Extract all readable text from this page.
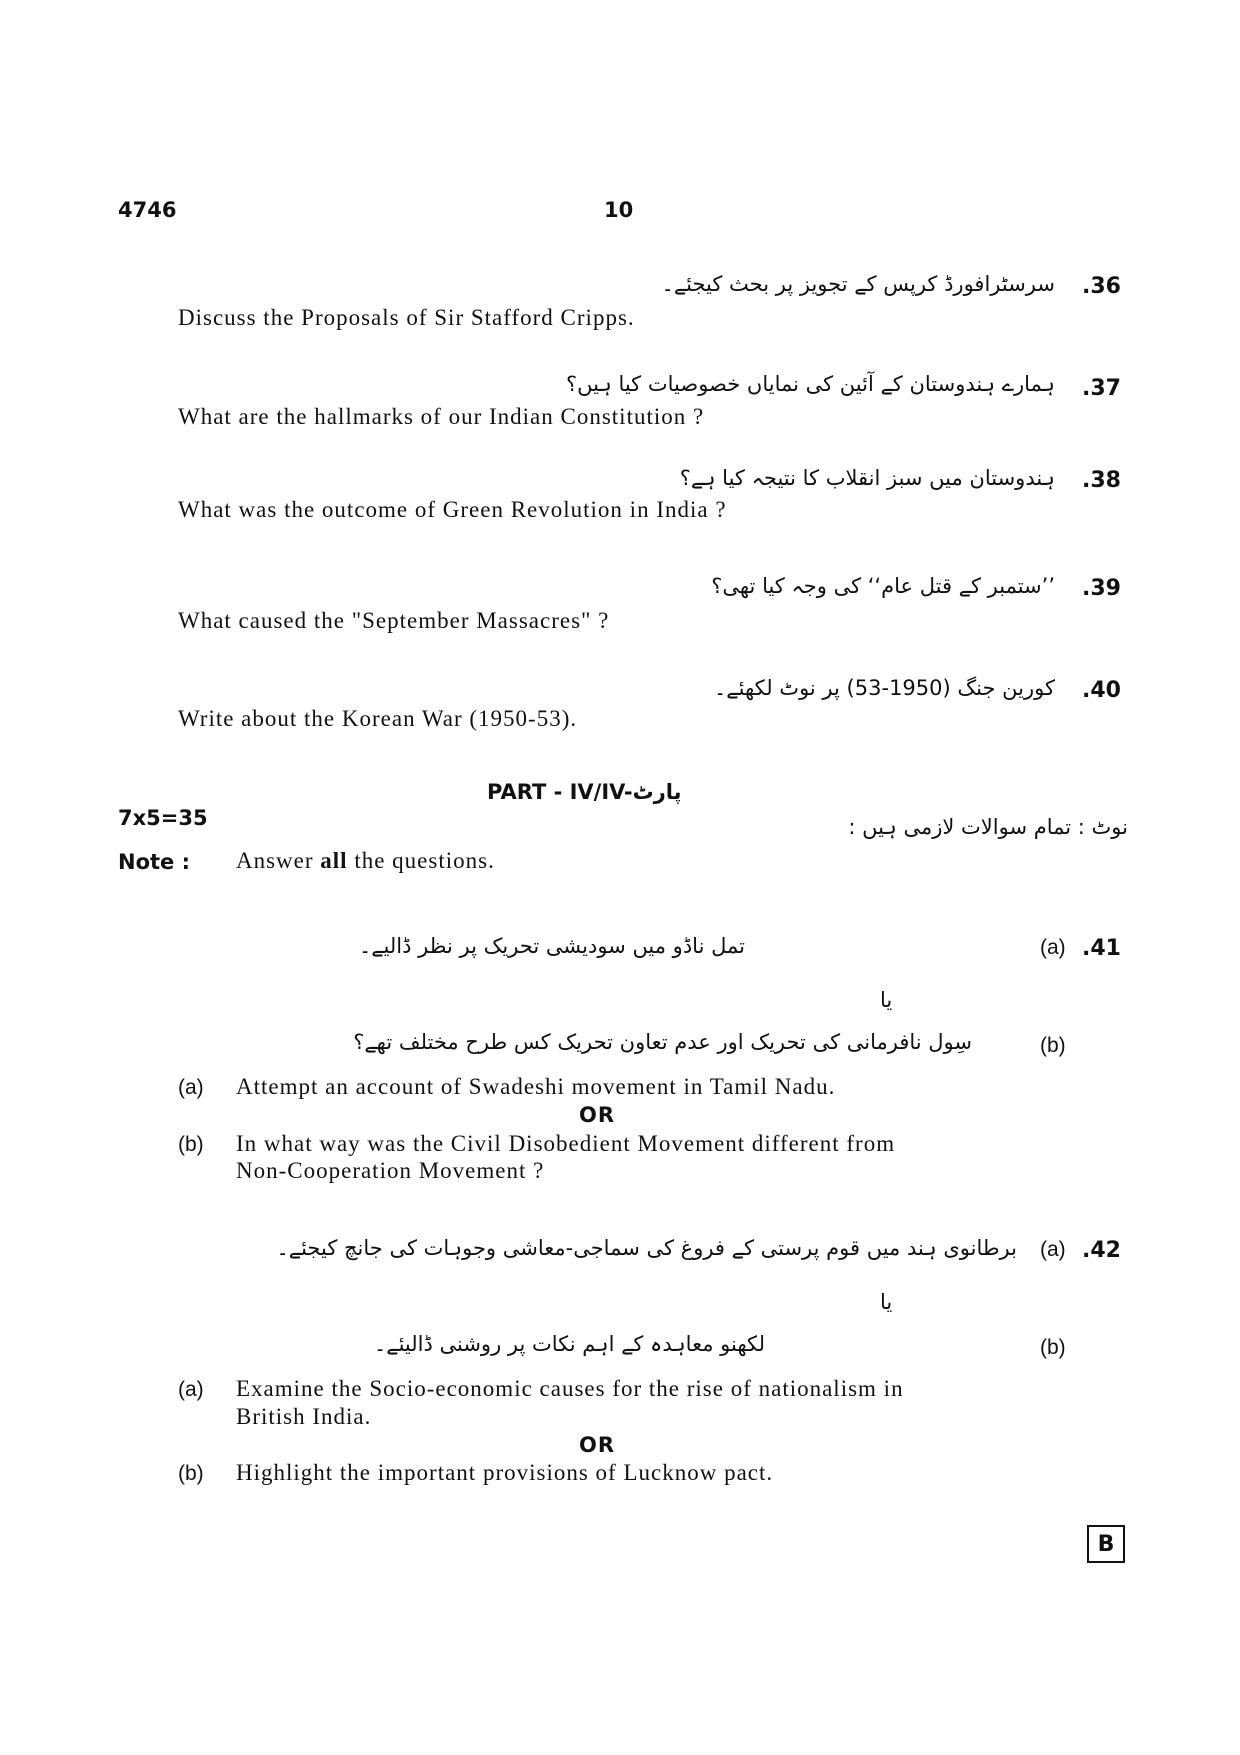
4746	10
سرسٹرافورڈ کرپس کے تجویز پر بحث کیجئے۔ .36
Discuss the Proposals of Sir Stafford Cripps.
ہمارے ہندوستان کے آئین کی نمایاں خصوصیات کیا ہیں؟ .37
What are the hallmarks of our Indian Constitution ?
ہندوستان میں سبز انقلاب کا نتیجہ کیا ہے؟ .38
What was the outcome of Green Revolution in India ?
’’ستمبر کے قتل عام‘‘ کی وجہ کیا تھی؟ .39
What caused the "September Massacres" ?
کورین جنگ (1950-53) پر نوٹ لکھئے۔ .40
Write about the Korean War (1950-53).
PART - IV/IV-پارٹ
7x5=35	نوٹ : تمام سوالات لازمی ہیں :
Note : Answer all the questions.
تمل ناڈو میں سودیشی تحریک پر نظر ڈالیے۔	(a) .41
یا
سِول نافرمانی کی تحریک اور عدم تعاون تحریک کس طرح مختلف تھے؟	(b)
(a) Attempt an account of Swadeshi movement in Tamil Nadu.
OR
(b) In what way was the Civil Disobedient Movement different from
Non-Cooperation Movement ?
برطانوی ہند میں قوم پرستی کے فروغ کی سماجی-معاشی وجوہات کی جانچ کیجئے۔ (a) .42
یا
لکھنو معاہدہ کے اہم نکات پر روشنی ڈالیئے۔	(b)
(a) Examine the Socio-economic causes for the rise of nationalism in
British India.
OR
(b) Highlight the important provisions of Lucknow pact.
B
